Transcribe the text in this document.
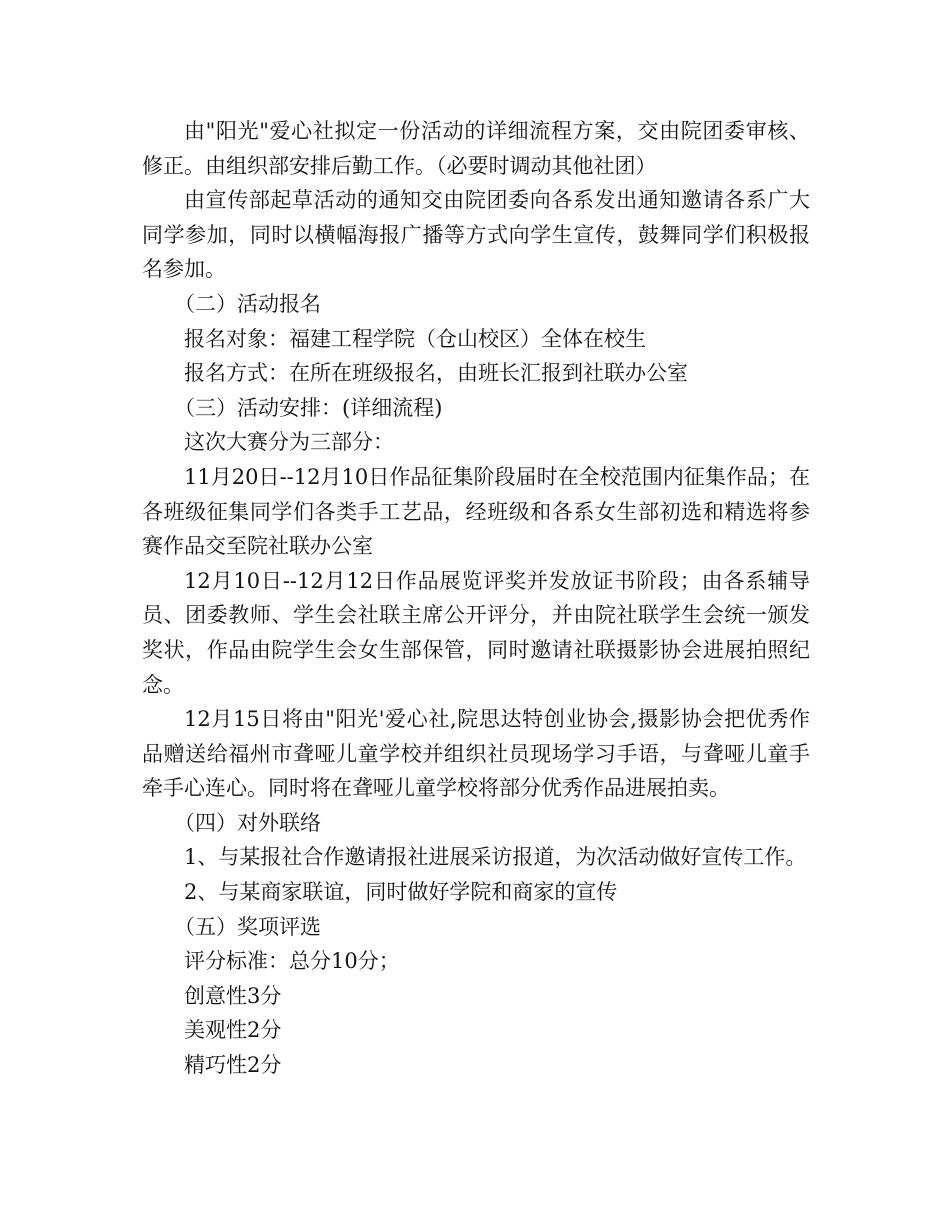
由"阳光"爱心社拟定一份活动的详细流程方案，交由院团委审核、修正。由组织部安排后勤工作。（必要时调动其他社团）

由宣传部起草活动的通知交由院团委向各系发出通知邀请各系广大同学参加，同时以横幅海报广播等方式向学生宣传，鼓舞同学们积极报名参加。

（二）活动报名

报名对象：福建工程学院（仓山校区）全体在校生

报名方式：在所在班级报名，由班长汇报到社联办公室

（三）活动安排：(详细流程)

这次大赛分为三部分：

11月20日--12月10日作品征集阶段届时在全校范围内征集作品；在各班级征集同学们各类手工艺品，经班级和各系女生部初选和精选将参赛作品交至院社联办公室

12月10日--12月12日作品展览评奖并发放证书阶段；由各系辅导员、团委教师、学生会社联主席公开评分，并由院社联学生会统一颁发奖状，作品由院学生会女生部保管，同时邀请社联摄影协会进展拍照纪念。

12月15日将由"阳光'爱心社,院思达特创业协会,摄影协会把优秀作品赠送给福州市聋哑儿童学校并组织社员现场学习手语，与聋哑儿童手牵手心连心。同时将在聋哑儿童学校将部分优秀作品进展拍卖。

（四）对外联络

1、与某报社合作邀请报社进展采访报道，为次活动做好宣传工作。

2、与某商家联谊，同时做好学院和商家的宣传

（五）奖项评选

评分标准：总分10分；

创意性3分

美观性2分

精巧性2分
